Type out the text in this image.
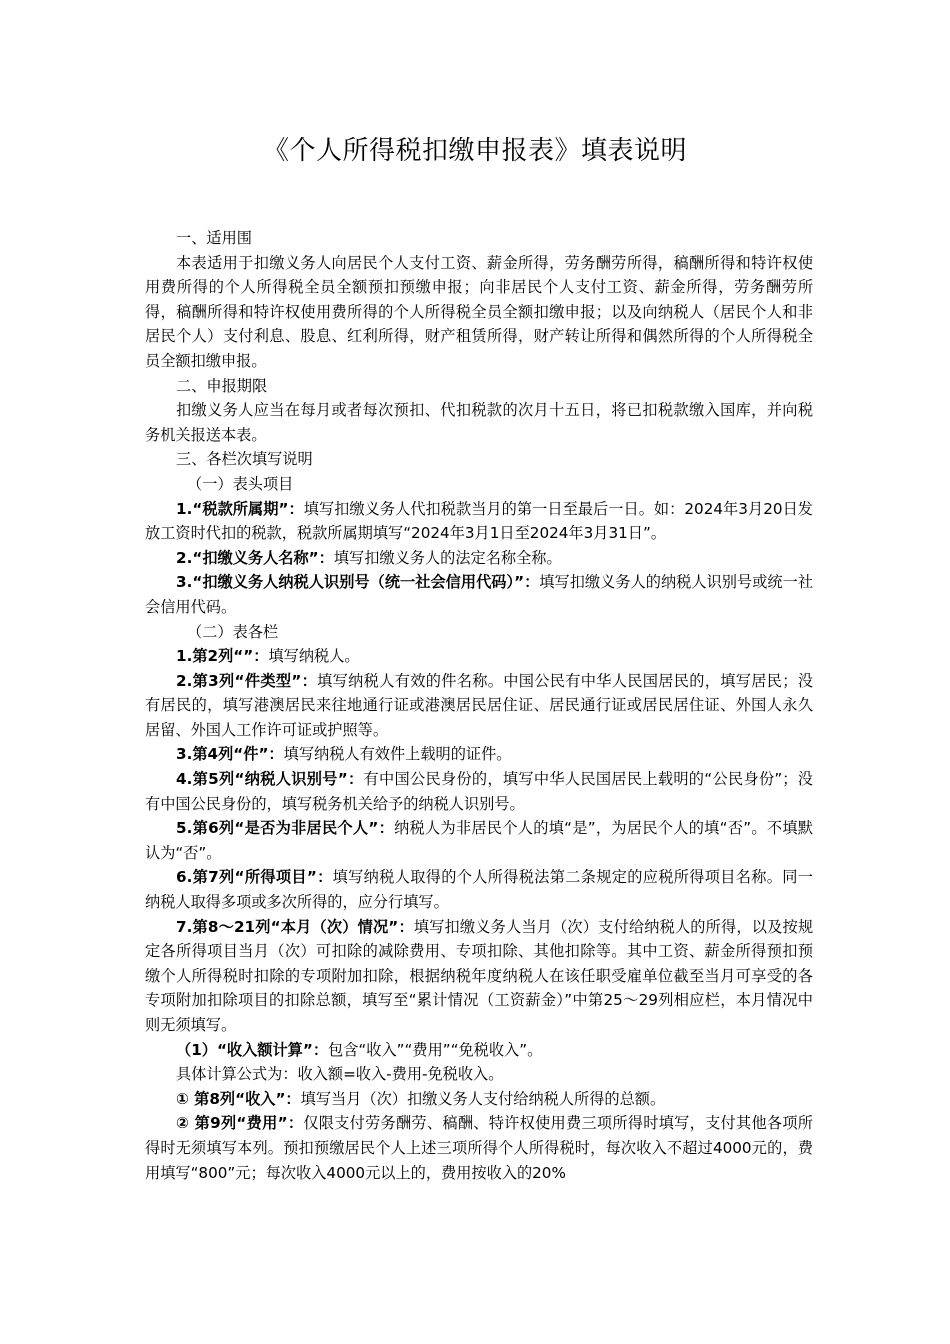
《个人所得税扣缴申报表》填表说明

一、适用围

本表适用于扣缴义务人向居民个人支付工资、薪金所得，劳务酬劳所得，稿酬所得和特许权使用费所得的个人所得税全员全额预扣预缴申报；向非居民个人支付工资、薪金所得，劳务酬劳所得，稿酬所得和特许权使用费所得的个人所得税全员全额扣缴申报；以及向纳税人（居民个人和非居民个人）支付利息、股息、红利所得，财产租赁所得，财产转让所得和偶然所得的个人所得税全员全额扣缴申报。

二、申报期限

扣缴义务人应当在每月或者每次预扣、代扣税款的次月十五日，将已扣税款缴入国库，并向税务机关报送本表。

三、各栏次填写说明

（一）表头项目

1.“税款所属期”：填写扣缴义务人代扣税款当月的第一日至最后一日。如：2024年3月20日发放工资时代扣的税款，税款所属期填写“2024年3月1日至2024年3月31日”。

2.“扣缴义务人名称”：填写扣缴义务人的法定名称全称。

3.“扣缴义务人纳税人识别号（统一社会信用代码）”：填写扣缴义务人的纳税人识别号或统一社会信用代码。

（二）表各栏

1.第2列“”：填写纳税人。

2.第3列“件类型”：填写纳税人有效的件名称。中国公民有中华人民国居民的，填写居民；没有居民的，填写港澳居民来往地通行证或港澳居民居住证、居民通行证或居民居住证、外国人永久居留、外国人工作许可证或护照等。

3.第4列“件”：填写纳税人有效件上载明的证件。

4.第5列“纳税人识别号”：有中国公民身份的，填写中华人民国居民上载明的“公民身份”；没有中国公民身份的，填写税务机关给予的纳税人识别号。

5.第6列“是否为非居民个人”：纳税人为非居民个人的填“是”，为居民个人的填“否”。不填默认为“否”。

6.第7列“所得项目”：填写纳税人取得的个人所得税法第二条规定的应税所得项目名称。同一纳税人取得多项或多次所得的，应分行填写。

7.第8～21列“本月（次）情况”：填写扣缴义务人当月（次）支付给纳税人的所得，以及按规定各所得项目当月（次）可扣除的减除费用、专项扣除、其他扣除等。其中工资、薪金所得预扣预缴个人所得税时扣除的专项附加扣除，根据纳税年度纳税人在该任职受雇单位截至当月可享受的各专项附加扣除项目的扣除总额，填写至“累计情况（工资薪金）”中第25～29列相应栏，本月情况中则无须填写。

（1）“收入额计算”：包含“收入”“费用”“免税收入”。

具体计算公式为：收入额=收入-费用-免税收入。

① 第8列“收入”：填写当月（次）扣缴义务人支付给纳税人所得的总额。

② 第9列“费用”：仅限支付劳务酬劳、稿酬、特许权使用费三项所得时填写，支付其他各项所得时无须填写本列。预扣预缴居民个人上述三项所得个人所得税时，每次收入不超过4000元的，费用填写“800”元；每次收入4000元以上的，费用按收入的20%
